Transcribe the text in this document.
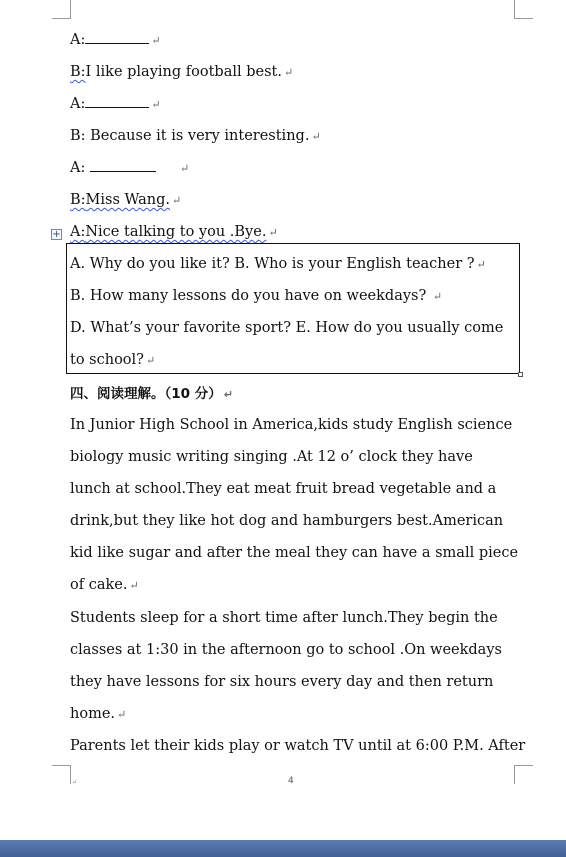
A:	↵
B:I like playing football best. ↵
A:	↵
B: Because it is very interesting. ↵
A:	↵
B:Miss Wang. ↵
+ A:Nice talking to you .Bye. ↵
A. Why do you like it? B. Who is your English teacher ? ↵
B. How many lessons do you have on weekdays? ↵
D. What’s your favorite sport? E. How do you usually come
to school? ↵
四、阅读理解。（10 分） ↵
In Junior High School in America,kids study English science
biology music writing singing .At 12 o’ clock they have
lunch at school.They eat meat fruit bread vegetable and a
drink,but they like hot dog and hamburgers best.American
kid like sugar and after the meal they can have a small piece
of cake. ↵
Students sleep for a short time after lunch.They begin the
classes at 1:30 in the afternoon go to school .On weekdays
they have lessons for six hours every day and then return
home. ↵
Parents let their kids play or watch TV until at 6:00 P.M. After
↵	4
